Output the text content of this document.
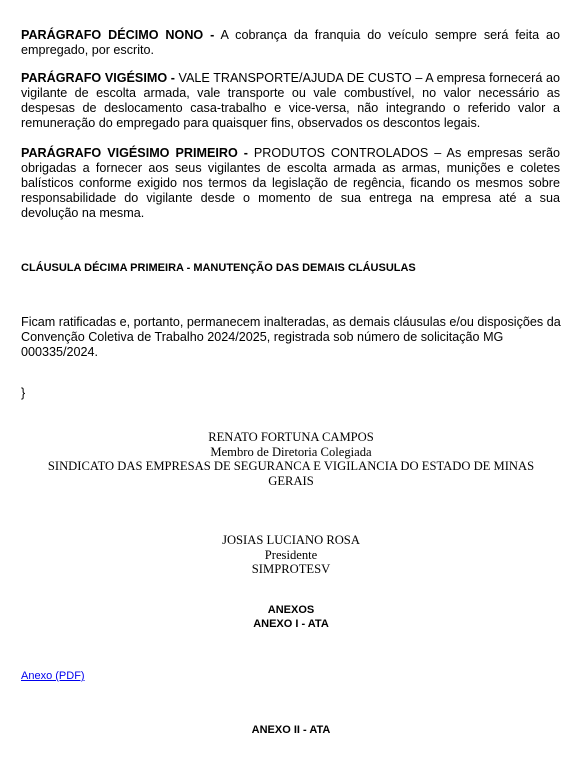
PARÁGRAFO DÉCIMO NONO - A cobrança da franquia do veículo sempre será feita ao empregado, por escrito.

PARÁGRAFO VIGÉSIMO - VALE TRANSPORTE/AJUDA DE CUSTO – A empresa fornecerá ao vigilante de escolta armada, vale transporte ou vale combustível, no valor necessário as despesas de deslocamento casa-trabalho e vice-versa, não integrando o referido valor a remuneração do empregado para quaisquer fins, observados os descontos legais.

PARÁGRAFO VIGÉSIMO PRIMEIRO - PRODUTOS CONTROLADOS – As empresas serão obrigadas a fornecer aos seus vigilantes de escolta armada as armas, munições e coletes balísticos conforme exigido nos termos da legislação de regência, ficando os mesmos sobre responsabilidade do vigilante desde o momento de sua entrega na empresa até a sua devolução na mesma.

CLÁUSULA DÉCIMA PRIMEIRA - MANUTENÇÃO DAS DEMAIS CLÁUSULAS

Ficam ratificadas e, portanto, permanecem inalteradas, as demais cláusulas e/ou disposições da Convenção Coletiva de Trabalho 2024/2025, registrada sob número de solicitação MG 000335/2024.

}

RENATO FORTUNA CAMPOS
Membro de Diretoria Colegiada
SINDICATO DAS EMPRESAS DE SEGURANCA E VIGILANCIA DO ESTADO DE MINAS
GERAIS
JOSIAS LUCIANO ROSA
Presidente
SIMPROTESV
ANEXOS
ANEXO I - ATA
Anexo (PDF)
ANEXO II - ATA
